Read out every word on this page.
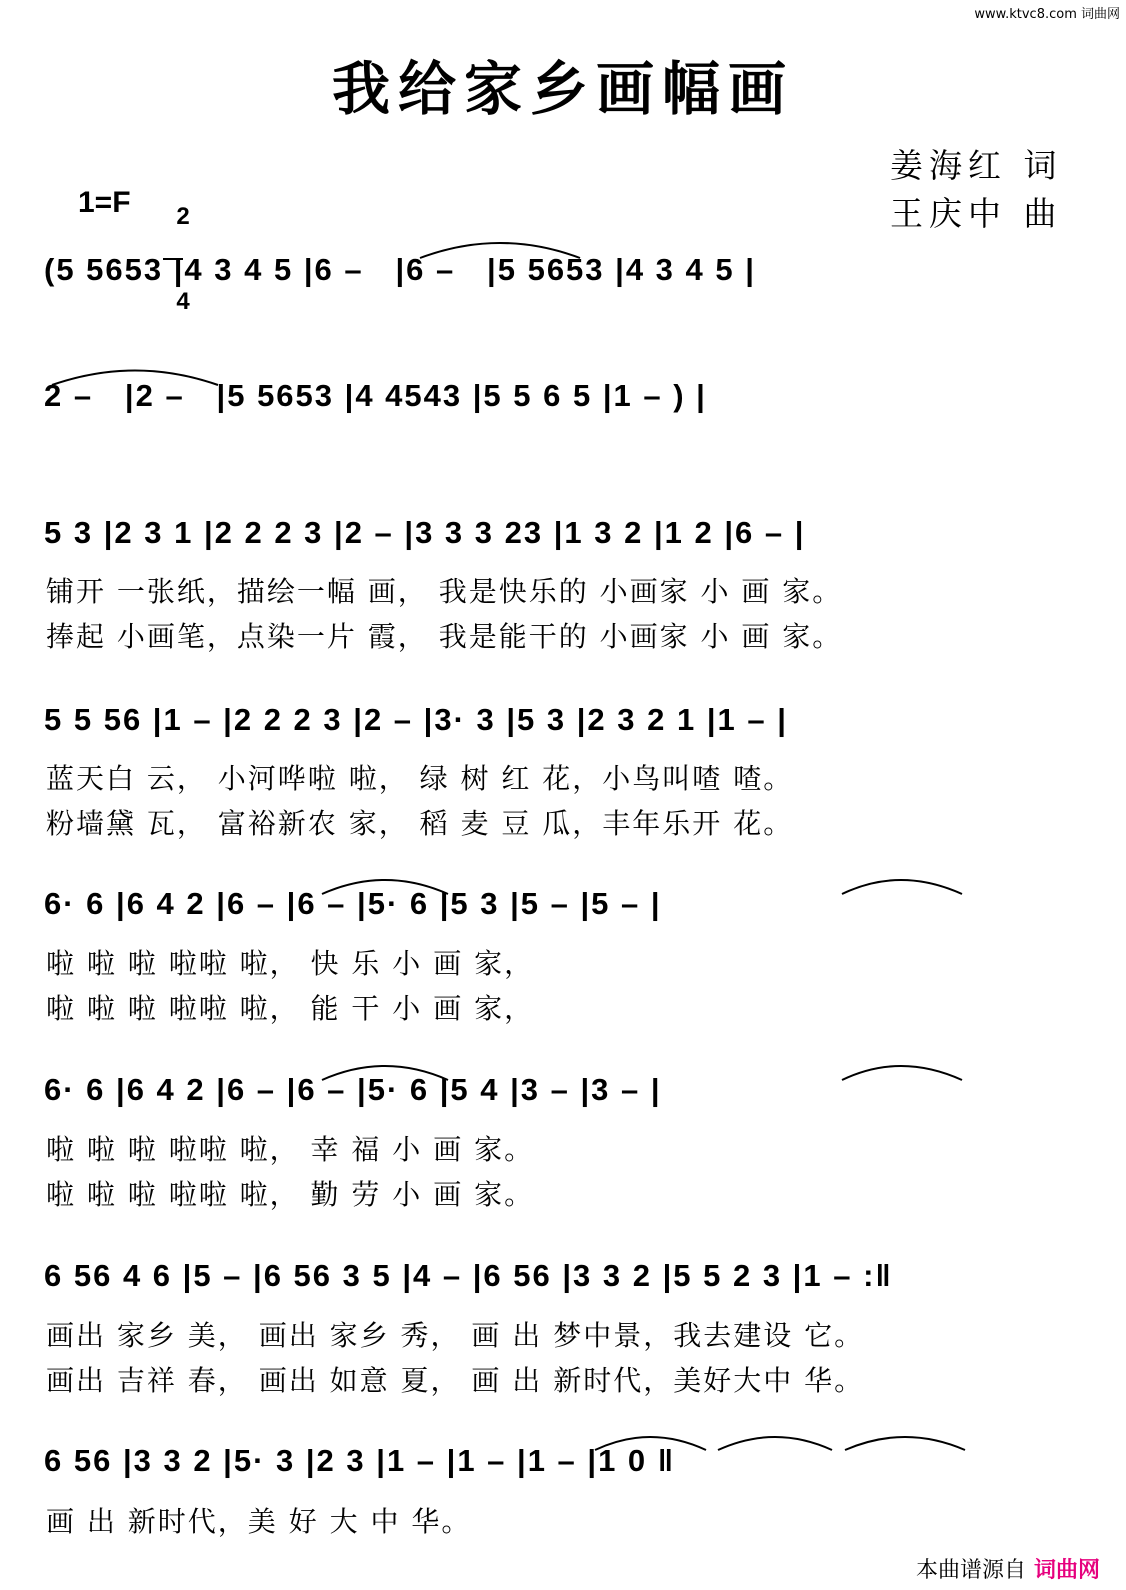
www.ktvc8.com 词曲网
我给家乡画幅画
姜海红 词
王庆中 曲
1=F	2

4

(5 5653 |4 3 4 5 |6 –   |6 –   |5 5653 |4 3 4 5 |
2 –   |2 –   |5 5653 |4 4543 |5 5 6 5 |1 – ) |
5 3 |2 3 1 |2 2 2 3 |2 – |3 3 3 23 |1 3 2 |1 2 |6 – |
铺开 一张纸，描绘一幅 画， 我是快乐的 小画家 小 画 家。
捧起 小画笔，点染一片 霞， 我是能干的 小画家 小 画 家。
5 5 56 |1 – |2 2 2 3 |2 – |3· 3 |5 3 |2 3 2 1 |1 – |
蓝天白 云， 小河哗啦 啦， 绿 树 红 花，小鸟叫喳 喳。
粉墙黛 瓦， 富裕新农 家， 稻 麦 豆 瓜，丰年乐开 花。
6· 6 |6 4 2 |6 – |6 – |5· 6 |5 3 |5 – |5 – |
啦 啦 啦 啦啦 啦， 快 乐 小 画 家，
啦 啦 啦 啦啦 啦， 能 干 小 画 家，
6· 6 |6 4 2 |6 – |6 – |5· 6 |5 4 |3 – |3 – |
啦 啦 啦 啦啦 啦， 幸 福 小 画 家。
啦 啦 啦 啦啦 啦， 勤 劳 小 画 家。
6 56 4 6 |5 – |6 56 3 5 |4 – |6 56 |3 3 2 |5 5 2 3 |1 – :‖
画出 家乡 美， 画出 家乡 秀， 画 出 梦中景，我去建设 它。
画出 吉祥 春， 画出 如意 夏， 画 出 新时代，美好大中 华。
6 56 |3 3 2 |5· 3 |2 3 |1 – |1 – |1 – |1 0 ‖
画 出 新时代，美 好 大 中 华。

本曲谱源自 词曲网
